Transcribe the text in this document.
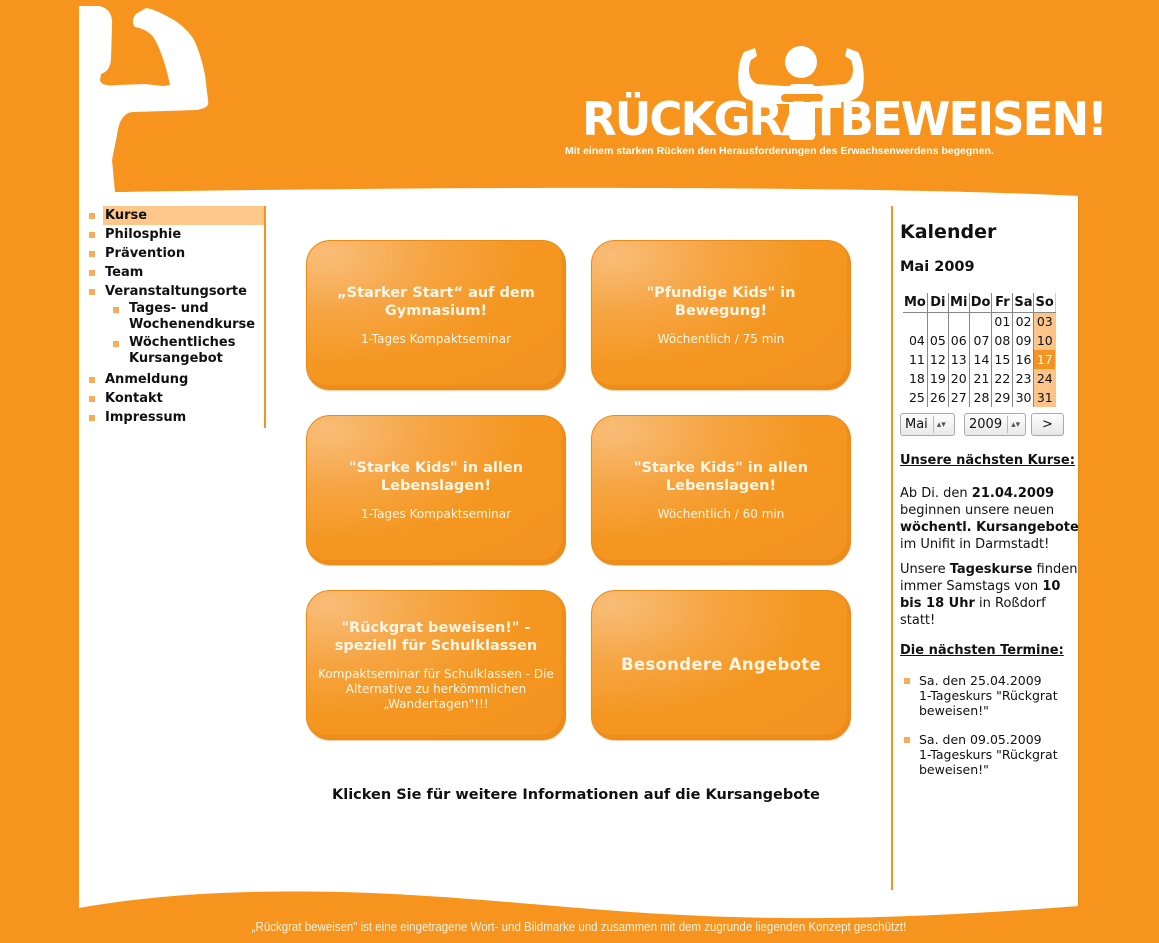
RÜCKGRATBEWEISEN!
Mit einem starken Rücken den Herausforderungen des Erwachsenwerdens begegnen.
Kurse
Philosphie
Prävention
Team
Veranstaltungsorte
Tages- und Wochenendkurse
Wöchentliches Kursangebot
Anmeldung
Kontakt
Impressum
„Starker Start“ auf dem Gymnasium!
1-Tages Kompaktseminar
"Pfundige Kids" in Bewegung!
Wöchentlich / 75 min
"Starke Kids" in allen Lebenslagen!
1-Tages Kompaktseminar
"Starke Kids" in allen Lebenslagen!
Wöchentlich / 60 min
"Rückgrat beweisen!" - speziell für Schulklassen
Kompaktseminar für Schulklassen - Die Alternative zu herkömmlichen „Wandertagen"!!!
Besondere Angebote
Klicken Sie für weitere Informationen auf die Kursangebote
Kalender
Mai 2009
Mo	Di	Mi	Do	Fr	Sa	So
				01	02	03
04	05	06	07	08	09	10
11	12	13	14	15	16	17
18	19	20	21	22	23	24
25	26	27	28	29	30	31
Mai ▴▾ 2009 ▴▾	>
Unsere nächsten Kurse:

Ab Di. den 21.04.2009 beginnen unsere neuen wöchentl. Kursangebote im Unifit in Darmstadt!

Unsere Tageskurse finden immer Samstags von 10 bis 18 Uhr in Roßdorf statt!

Die nächsten Termine:
Sa. den 25.04.2009
1-Tageskurs "Rückgrat beweisen!"
Sa. den 09.05.2009
1-Tageskurs "Rückgrat beweisen!"
„Rückgrat beweisen" ist eine eingetragene Wort- und Bildmarke und zusammen mit dem zugrunde liegenden Konzept geschützt!
